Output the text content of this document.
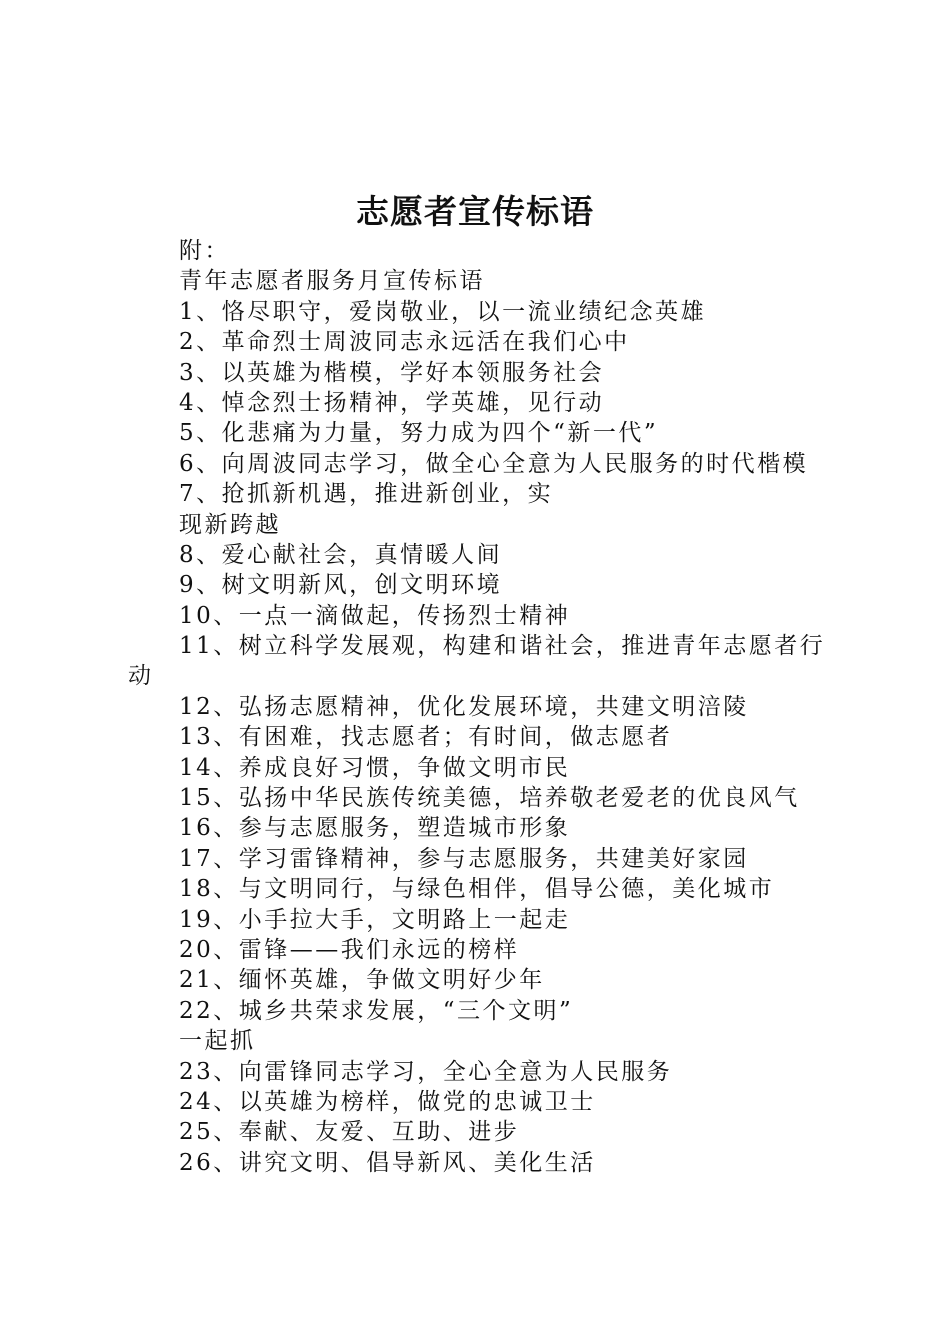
志愿者宣传标语
附：
青年志愿者服务月宣传标语
1、恪尽职守，爱岗敬业，以一流业绩纪念英雄
2、革命烈士周波同志永远活在我们心中
3、以英雄为楷模，学好本领服务社会
4、悼念烈士扬精神，学英雄，见行动
5、化悲痛为力量，努力成为四个“新一代”
6、向周波同志学习，做全心全意为人民服务的时代楷模
7、抢抓新机遇，推进新创业，实
现新跨越
8、爱心献社会，真情暖人间
9、树文明新风，创文明环境
10、一点一滴做起，传扬烈士精神
11、树立科学发展观，构建和谐社会，推进青年志愿者行
动
12、弘扬志愿精神，优化发展环境，共建文明涪陵
13、有困难，找志愿者；有时间，做志愿者
14、养成良好习惯，争做文明市民
15、弘扬中华民族传统美德，培养敬老爱老的优良风气
16、参与志愿服务，塑造城市形象
17、学习雷锋精神，参与志愿服务，共建美好家园
18、与文明同行，与绿色相伴，倡导公德，美化城市
19、小手拉大手，文明路上一起走
20、雷锋——我们永远的榜样
21、缅怀英雄，争做文明好少年
22、城乡共荣求发展，“三个文明”
一起抓
23、向雷锋同志学习，全心全意为人民服务
24、以英雄为榜样，做党的忠诚卫士
25、奉献、友爱、互助、进步
26、讲究文明、倡导新风、美化生活
